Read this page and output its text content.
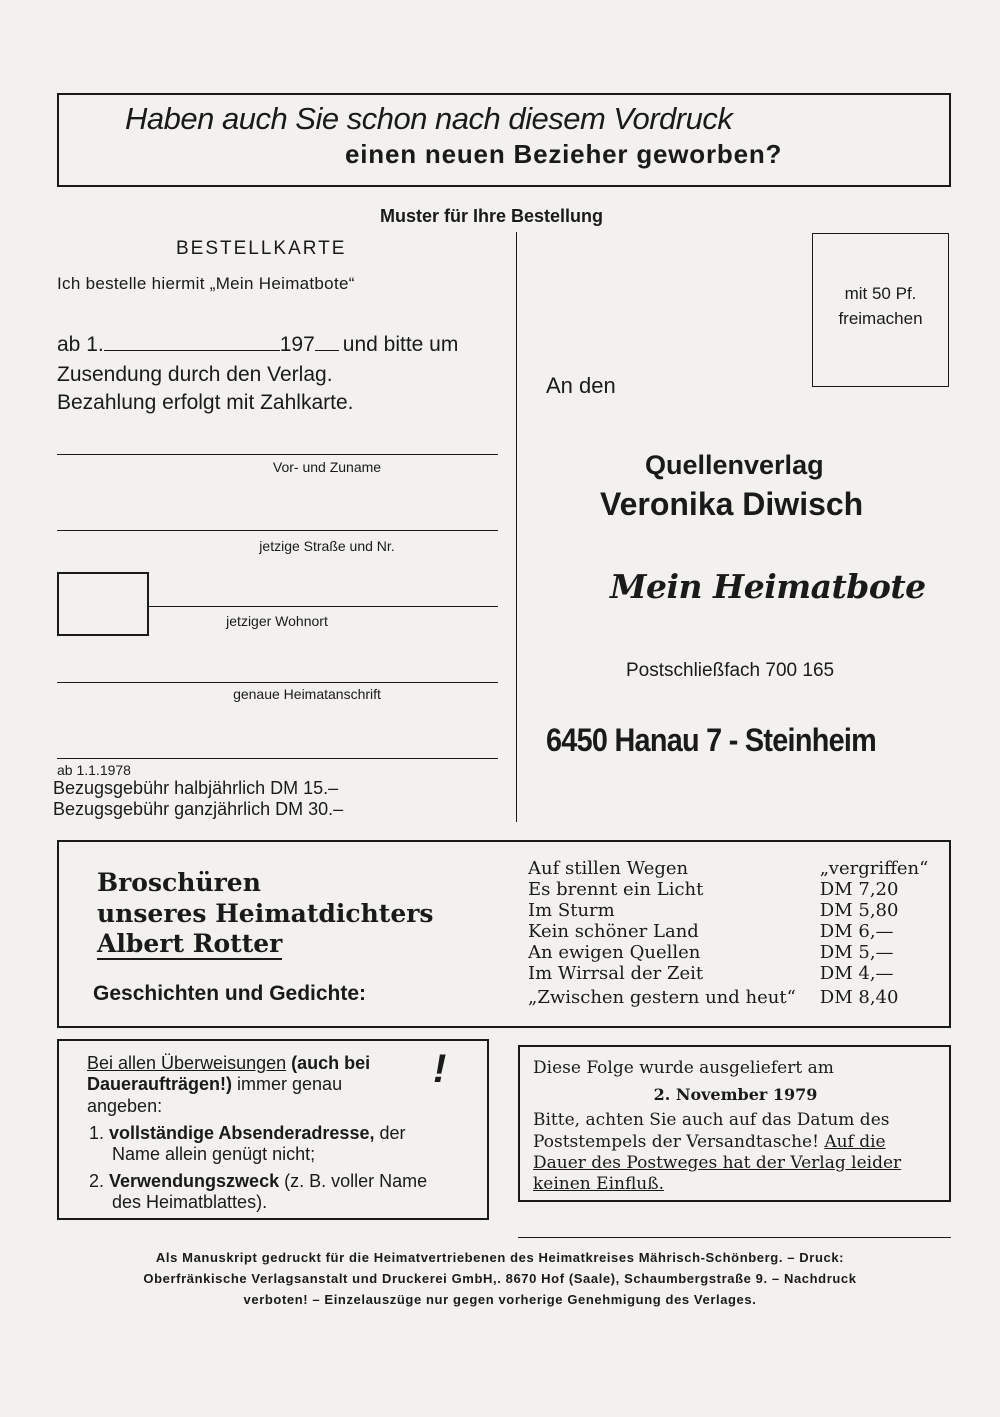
Haben auch Sie schon nach diesem Vordruck
einen neuen Bezieher geworben?
Muster für Ihre Bestellung
BESTELLKARTE
Ich bestelle hiermit „Mein Heimatbote“
ab 1.	197 und bitte um
Zusendung durch den Verlag.
Bezahlung erfolgt mit Zahlkarte.
Vor- und Zuname
jetzige Straße und Nr.
jetziger Wohnort
genaue Heimatanschrift
ab 1.1.1978
Bezugsgebühr halbjährlich DM 15.–
Bezugsgebühr ganzjährlich DM 30.–
mit 50 Pf.
freimachen
An den
Quellenverlag
Veronika Diwisch
Mein Heimatbote
Postschließfach 700 165
6450 Hanau 7 - Steinheim
Broschüren
unseres Heimatdichters
Albert Rotter
Geschichten und Gedichte:
Auf stillen Wegen	„vergriffen“
Es brennt ein Licht	DM 7,20
Im Sturm	DM 5,80
Kein schöner Land	DM 6,—
An ewigen Quellen	DM 5,—
Im Wirrsal der Zeit	DM 4,—
„Zwischen gestern und heut“	DM 8,40
Bei allen Überweisungen (auch bei
Daueraufträgen!) immer genau
angeben:
!
1. vollständige Absenderadresse, der
Name allein genügt nicht;
2. Verwendungszweck (z. B. voller Name
des Heimatblattes).
Diese Folge wurde ausgeliefert am
2. November 1979
Bitte, achten Sie auch auf das Datum des
Poststempels der Versandtasche! Auf die
Dauer des Postweges hat der Verlag leider
keinen Einfluß.
Als Manuskript gedruckt für die Heimatvertriebenen des Heimatkreises Mährisch-Schönberg. – Druck:
Oberfränkische Verlagsanstalt und Druckerei GmbH,. 8670 Hof (Saale), Schaumbergstraße 9. – Nachdruck
verboten! – Einzelauszüge nur gegen vorherige Genehmigung des Verlages.
